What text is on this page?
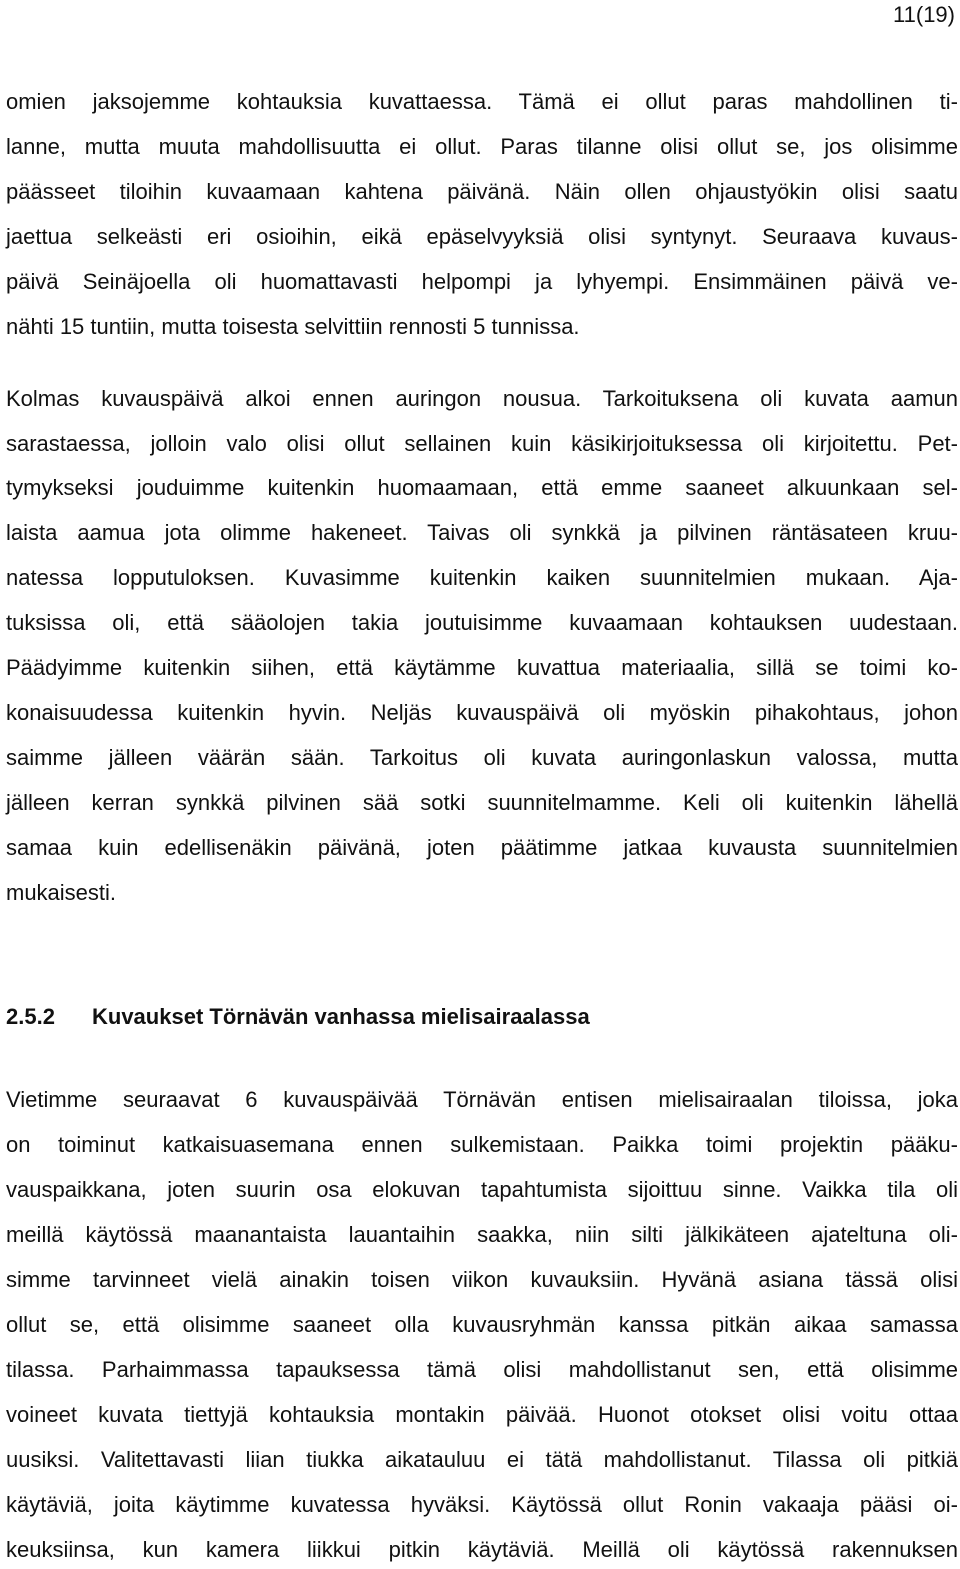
11(19)
omien jaksojemme kohtauksia kuvattaessa. Tämä ei ollut paras mahdollinen ti-
lanne, mutta muuta mahdollisuutta ei ollut. Paras tilanne olisi ollut se, jos olisimme
päässeet tiloihin kuvaamaan kahtena päivänä. Näin ollen ohjaustyökin olisi saatu
jaettua selkeästi eri osioihin, eikä epäselvyyksiä olisi syntynyt. Seuraava kuvaus-
päivä Seinäjoella oli huomattavasti helpompi ja lyhyempi. Ensimmäinen päivä ve-
nähti 15 tuntiin, mutta toisesta selvittiin rennosti 5 tunnissa.
Kolmas kuvauspäivä alkoi ennen auringon nousua. Tarkoituksena oli kuvata aamun
sarastaessa, jolloin valo olisi ollut sellainen kuin käsikirjoituksessa oli kirjoitettu. Pet-
tymykseksi jouduimme kuitenkin huomaamaan, että emme saaneet alkuunkaan sel-
laista aamua jota olimme hakeneet. Taivas oli synkkä ja pilvinen räntäsateen kruu-
natessa lopputuloksen. Kuvasimme kuitenkin kaiken suunnitelmien mukaan. Aja-
tuksissa oli, että sääolojen takia joutuisimme kuvaamaan kohtauksen uudestaan.
Päädyimme kuitenkin siihen, että käytämme kuvattua materiaalia, sillä se toimi ko-
konaisuudessa kuitenkin hyvin. Neljäs kuvauspäivä oli myöskin pihakohtaus, johon
saimme jälleen väärän sään. Tarkoitus oli kuvata auringonlaskun valossa, mutta
jälleen kerran synkkä pilvinen sää sotki suunnitelmamme. Keli oli kuitenkin lähellä
samaa kuin edellisenäkin päivänä, joten päätimme jatkaa kuvausta suunnitelmien
mukaisesti.
2.5.2 Kuvaukset Törnävän vanhassa mielisairaalassa
Vietimme seuraavat 6 kuvauspäivää Törnävän entisen mielisairaalan tiloissa, joka
on toiminut katkaisuasemana ennen sulkemistaan. Paikka toimi projektin pääku-
vauspaikkana, joten suurin osa elokuvan tapahtumista sijoittuu sinne. Vaikka tila oli
meillä käytössä maanantaista lauantaihin saakka, niin silti jälkikäteen ajateltuna oli-
simme tarvinneet vielä ainakin toisen viikon kuvauksiin. Hyvänä asiana tässä olisi
ollut se, että olisimme saaneet olla kuvausryhmän kanssa pitkän aikaa samassa
tilassa. Parhaimmassa tapauksessa tämä olisi mahdollistanut sen, että olisimme
voineet kuvata tiettyjä kohtauksia montakin päivää. Huonot otokset olisi voitu ottaa
uusiksi. Valitettavasti liian tiukka aikatauluu ei tätä mahdollistanut. Tilassa oli pitkiä
käytäviä, joita käytimme kuvatessa hyväksi. Käytössä ollut Ronin vakaaja pääsi oi-
keuksiinsa, kun kamera liikkui pitkin käytäviä. Meillä oli käytössä rakennuksen
